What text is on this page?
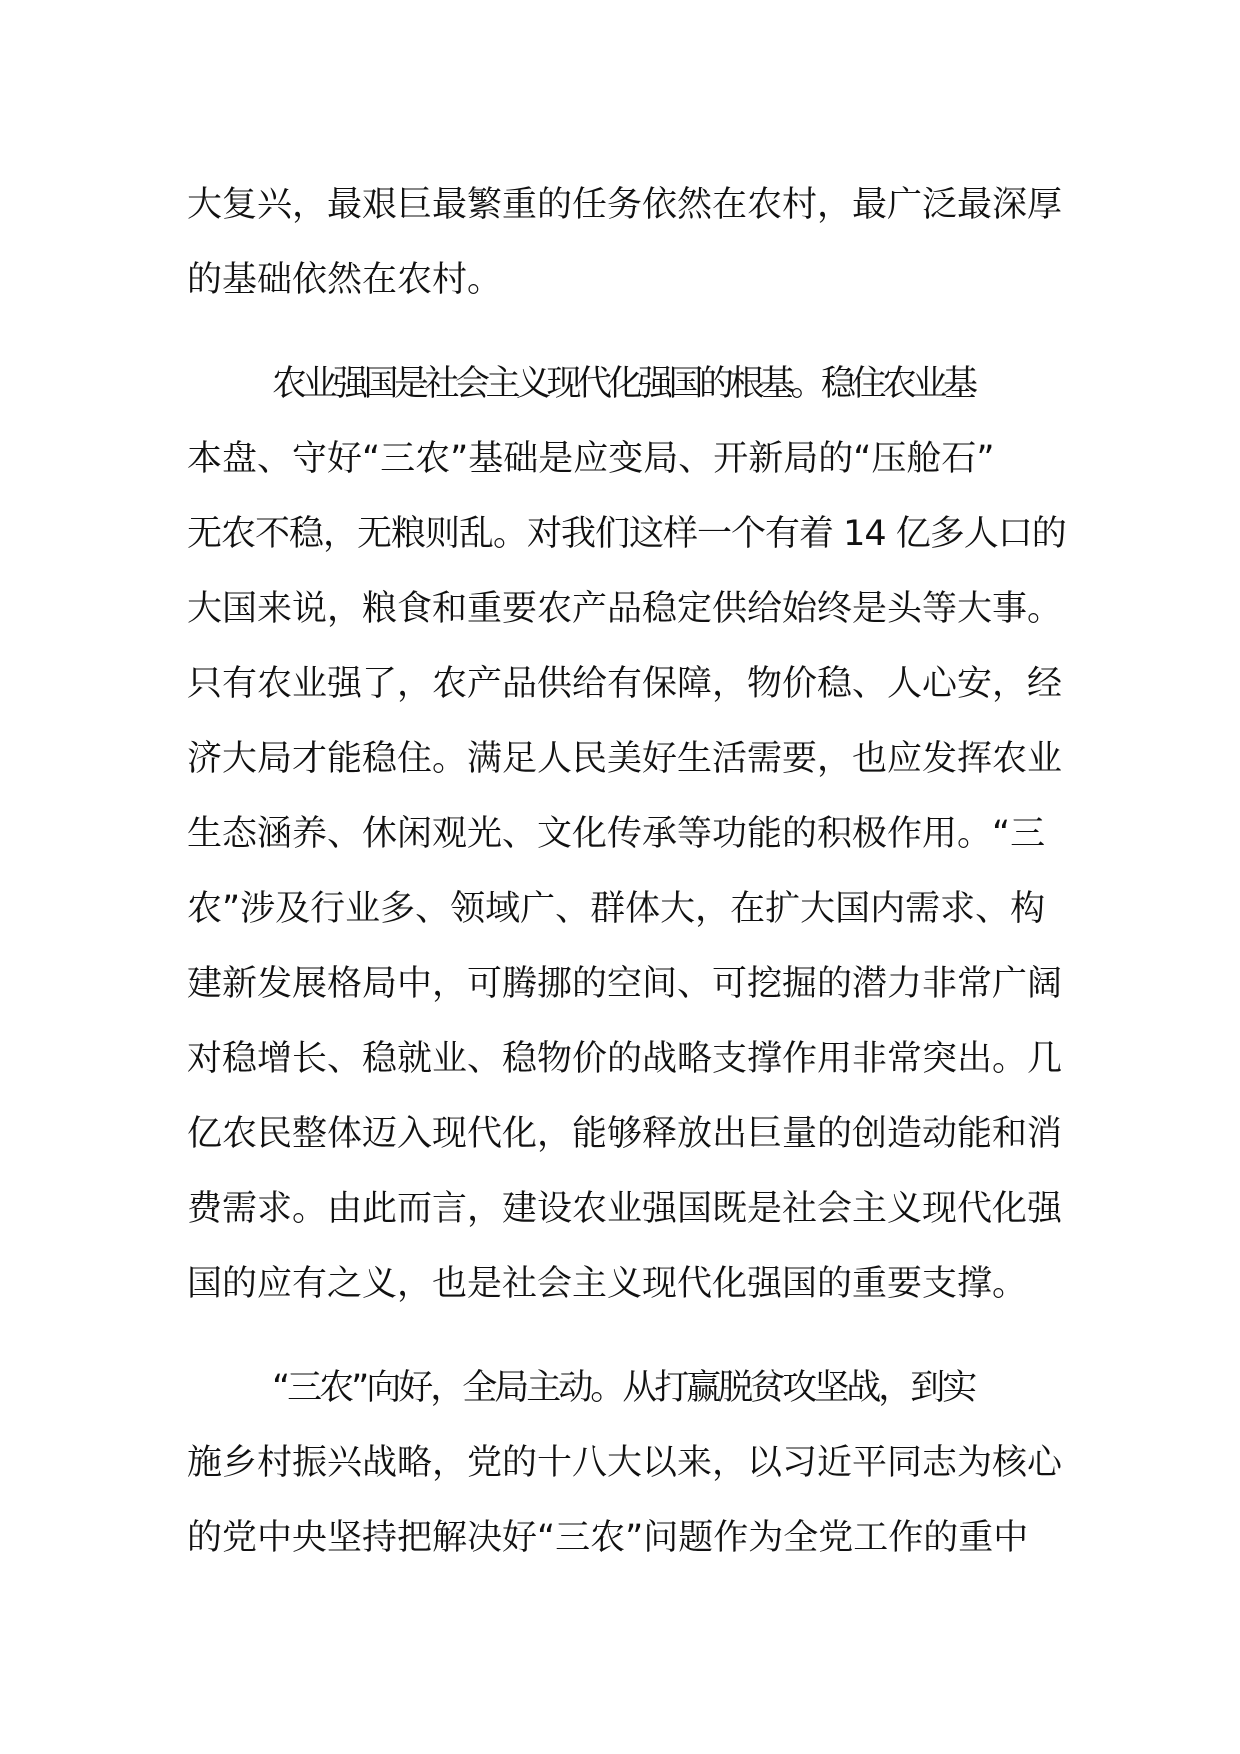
大复兴，最艰巨最繁重的任务依然在农村，最广泛最深厚
的基础依然在农村。
农业强国是社会主义现代化强国的根基。稳住农业基
本盘、守好“三农”基础是应变局、开新局的“压舱石”
无农不稳，无粮则乱。对我们这样一个有着 14 亿多人口的
大国来说，粮食和重要农产品稳定供给始终是头等大事。
只有农业强了，农产品供给有保障，物价稳、人心安，经
济大局才能稳住。满足人民美好生活需要，也应发挥农业
生态涵养、休闲观光、文化传承等功能的积极作用。“三
农”涉及行业多、领域广、群体大，在扩大国内需求、构
建新发展格局中，可腾挪的空间、可挖掘的潜力非常广阔
对稳增长、稳就业、稳物价的战略支撑作用非常突出。几
亿农民整体迈入现代化，能够释放出巨量的创造动能和消
费需求。由此而言，建设农业强国既是社会主义现代化强
国的应有之义，也是社会主义现代化强国的重要支撑。
“三农”向好，全局主动。从打赢脱贫攻坚战，到实
施乡村振兴战略，党的十八大以来，以习近平同志为核心
的党中央坚持把解决好“三农”问题作为全党工作的重中
